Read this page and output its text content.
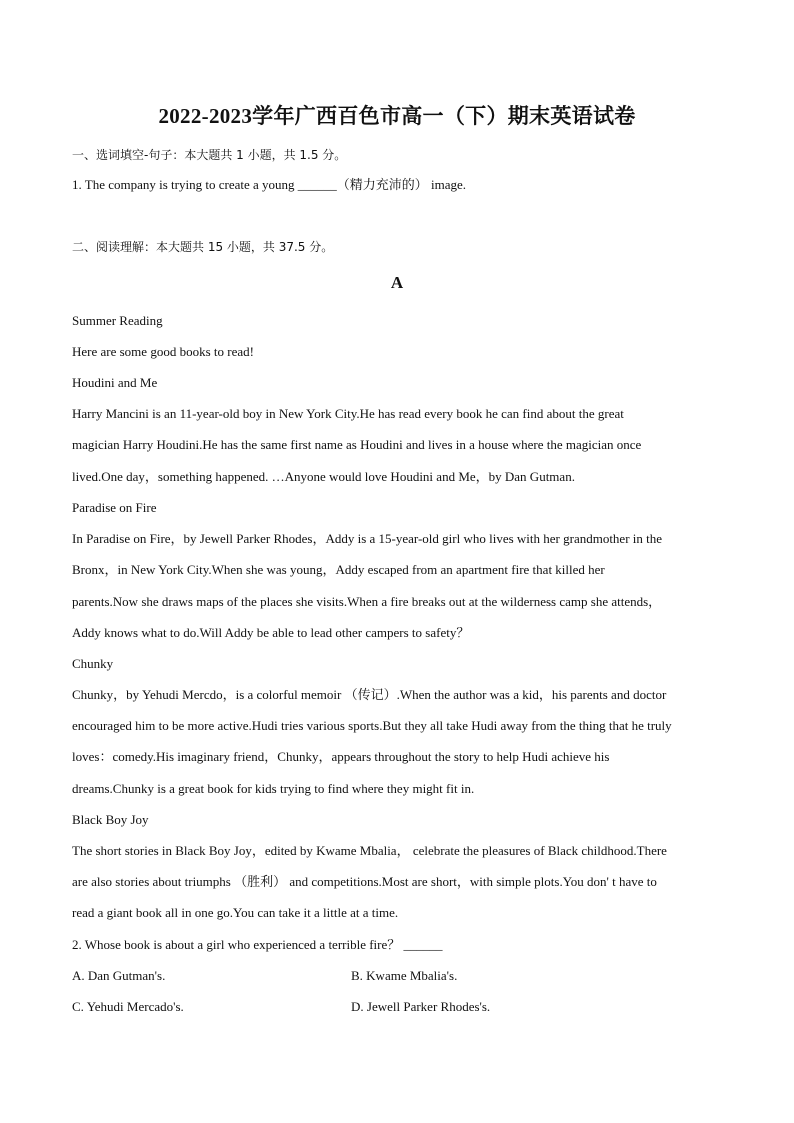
2022-2023学年广西百色市高一（下）期末英语试卷
一、选词填空-句子：本大题共 1 小题，共 1.5 分。
1. The company is trying to create a young ______（精力充沛的） image.
二、阅读理解：本大题共 15 小题，共 37.5 分。
A
Summer Reading
Here are some good books to read!
Houdini and Me
Harry Mancini is an 11-year-old boy in New York City.He has read every book he can find about the great
magician Harry Houdini.He has the same first name as Houdini and lives in a house where the magician once
lived.One day，something happened. …Anyone would love Houdini and Me，by Dan Gutman.
Paradise on Fire
In Paradise on Fire，by Jewell Parker Rhodes，Addy is a 15-year-old girl who lives with her grandmother in the
Bronx，in New York City.When she was young，Addy escaped from an apartment fire that killed her
parents.Now she draws maps of the places she visits.When a fire breaks out at the wilderness camp she attends，
Addy knows what to do.Will Addy be able to lead other campers to safety？
Chunky
Chunky，by Yehudi Mercdo，is a colorful memoir （传记）.When the author was a kid，his parents and doctor
encouraged him to be more active.Hudi tries various sports.But they all take Hudi away from the thing that he truly
loves：comedy.His imaginary friend，Chunky，appears throughout the story to help Hudi achieve his
dreams.Chunky is a great book for kids trying to find where they might fit in.
Black Boy Joy
The short stories in Black Boy Joy，edited by Kwame Mbalia， celebrate the pleasures of Black childhood.There
are also stories about triumphs （胜利） and competitions.Most are short，with simple plots.You don' t have to
read a giant book all in one go.You can take it a little at a time.
2. Whose book is about a girl who experienced a terrible fire？ ______
A. Dan Gutman's.	B. Kwame Mbalia's.
C. Yehudi Mercado's.	D. Jewell Parker Rhodes's.
